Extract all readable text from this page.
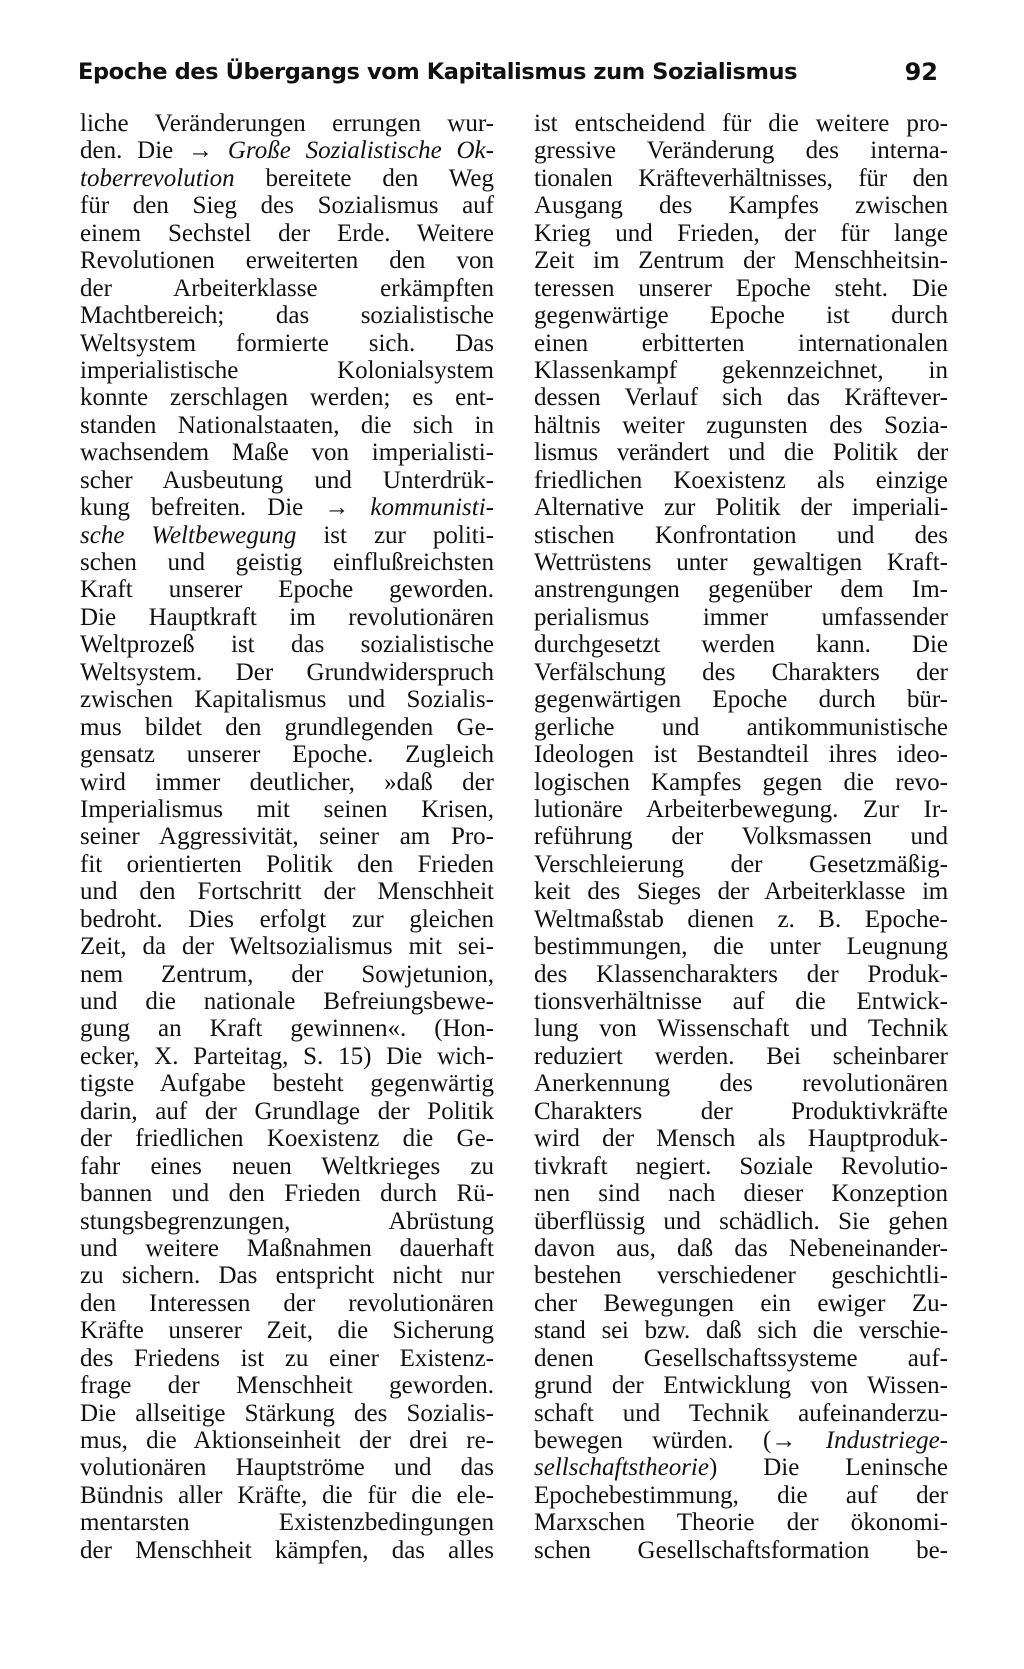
Epoche des Übergangs vom Kapitalismus zum Sozialismus	92
liche Veränderungen errungen wur-
den. Die → Große Sozialistische Ok-
toberrevolution bereitete den Weg
für den Sieg des Sozialismus auf
einem Sechstel der Erde. Weitere
Revolutionen erweiterten den von
der Arbeiterklasse erkämpften
Machtbereich; das sozialistische
Weltsystem formierte sich. Das
imperialistische Kolonialsystem
konnte zerschlagen werden; es ent-
standen Nationalstaaten, die sich in
wachsendem Maße von imperialisti-
scher Ausbeutung und Unterdrük-
kung befreiten. Die → kommunisti-
sche Weltbewegung ist zur politi-
schen und geistig einflußreichsten
Kraft unserer Epoche geworden.
Die Hauptkraft im revolutionären
Weltprozeß ist das sozialistische
Weltsystem. Der Grundwiderspruch
zwischen Kapitalismus und Sozialis-
mus bildet den grundlegenden Ge-
gensatz unserer Epoche. Zugleich
wird immer deutlicher, »daß der
Imperialismus mit seinen Krisen,
seiner Aggressivität, seiner am Pro-
fit orientierten Politik den Frieden
und den Fortschritt der Menschheit
bedroht. Dies erfolgt zur gleichen
Zeit, da der Weltsozialismus mit sei-
nem Zentrum, der Sowjetunion,
und die nationale Befreiungsbewe-
gung an Kraft gewinnen«. (Hon-
ecker, X. Parteitag, S. 15) Die wich-
tigste Aufgabe besteht gegenwärtig
darin, auf der Grundlage der Politik
der friedlichen Koexistenz die Ge-
fahr eines neuen Weltkrieges zu
bannen und den Frieden durch Rü-
stungsbegrenzungen, Abrüstung
und weitere Maßnahmen dauerhaft
zu sichern. Das entspricht nicht nur
den Interessen der revolutionären
Kräfte unserer Zeit, die Sicherung
des Friedens ist zu einer Existenz-
frage der Menschheit geworden.
Die allseitige Stärkung des Sozialis-
mus, die Aktionseinheit der drei re-
volutionären Hauptströme und das
Bündnis aller Kräfte, die für die ele-
mentarsten Existenzbedingungen
der Menschheit kämpfen, das alles
ist entscheidend für die weitere pro-
gressive Veränderung des interna-
tionalen Kräfteverhältnisses, für den
Ausgang des Kampfes zwischen
Krieg und Frieden, der für lange
Zeit im Zentrum der Menschheitsin-
teressen unserer Epoche steht. Die
gegenwärtige Epoche ist durch
einen erbitterten internationalen
Klassenkampf gekennzeichnet, in
dessen Verlauf sich das Kräftever-
hältnis weiter zugunsten des Sozia-
lismus verändert und die Politik der
friedlichen Koexistenz als einzige
Alternative zur Politik der imperiali-
stischen Konfrontation und des
Wettrüstens unter gewaltigen Kraft-
anstrengungen gegenüber dem Im-
perialismus immer umfassender
durchgesetzt werden kann. Die
Verfälschung des Charakters der
gegenwärtigen Epoche durch bür-
gerliche und antikommunistische
Ideologen ist Bestandteil ihres ideo-
logischen Kampfes gegen die revo-
lutionäre Arbeiterbewegung. Zur Ir-
reführung der Volksmassen und
Verschleierung der Gesetzmäßig-
keit des Sieges der Arbeiterklasse im
Weltmaßstab dienen z. B. Epoche-
bestimmungen, die unter Leugnung
des Klassencharakters der Produk-
tionsverhältnisse auf die Entwick-
lung von Wissenschaft und Technik
reduziert werden. Bei scheinbarer
Anerkennung des revolutionären
Charakters der Produktivkräfte
wird der Mensch als Hauptproduk-
tivkraft negiert. Soziale Revolutio-
nen sind nach dieser Konzeption
überflüssig und schädlich. Sie gehen
davon aus, daß das Nebeneinander-
bestehen verschiedener geschichtli-
cher Bewegungen ein ewiger Zu-
stand sei bzw. daß sich die verschie-
denen Gesellschaftssysteme auf-
grund der Entwicklung von Wissen-
schaft und Technik aufeinanderzu-
bewegen würden. (→ Industriege-
sellschaftstheorie) Die Leninsche
Epochebestimmung, die auf der
Marxschen Theorie der ökonomi-
schen Gesellschaftsformation be-
